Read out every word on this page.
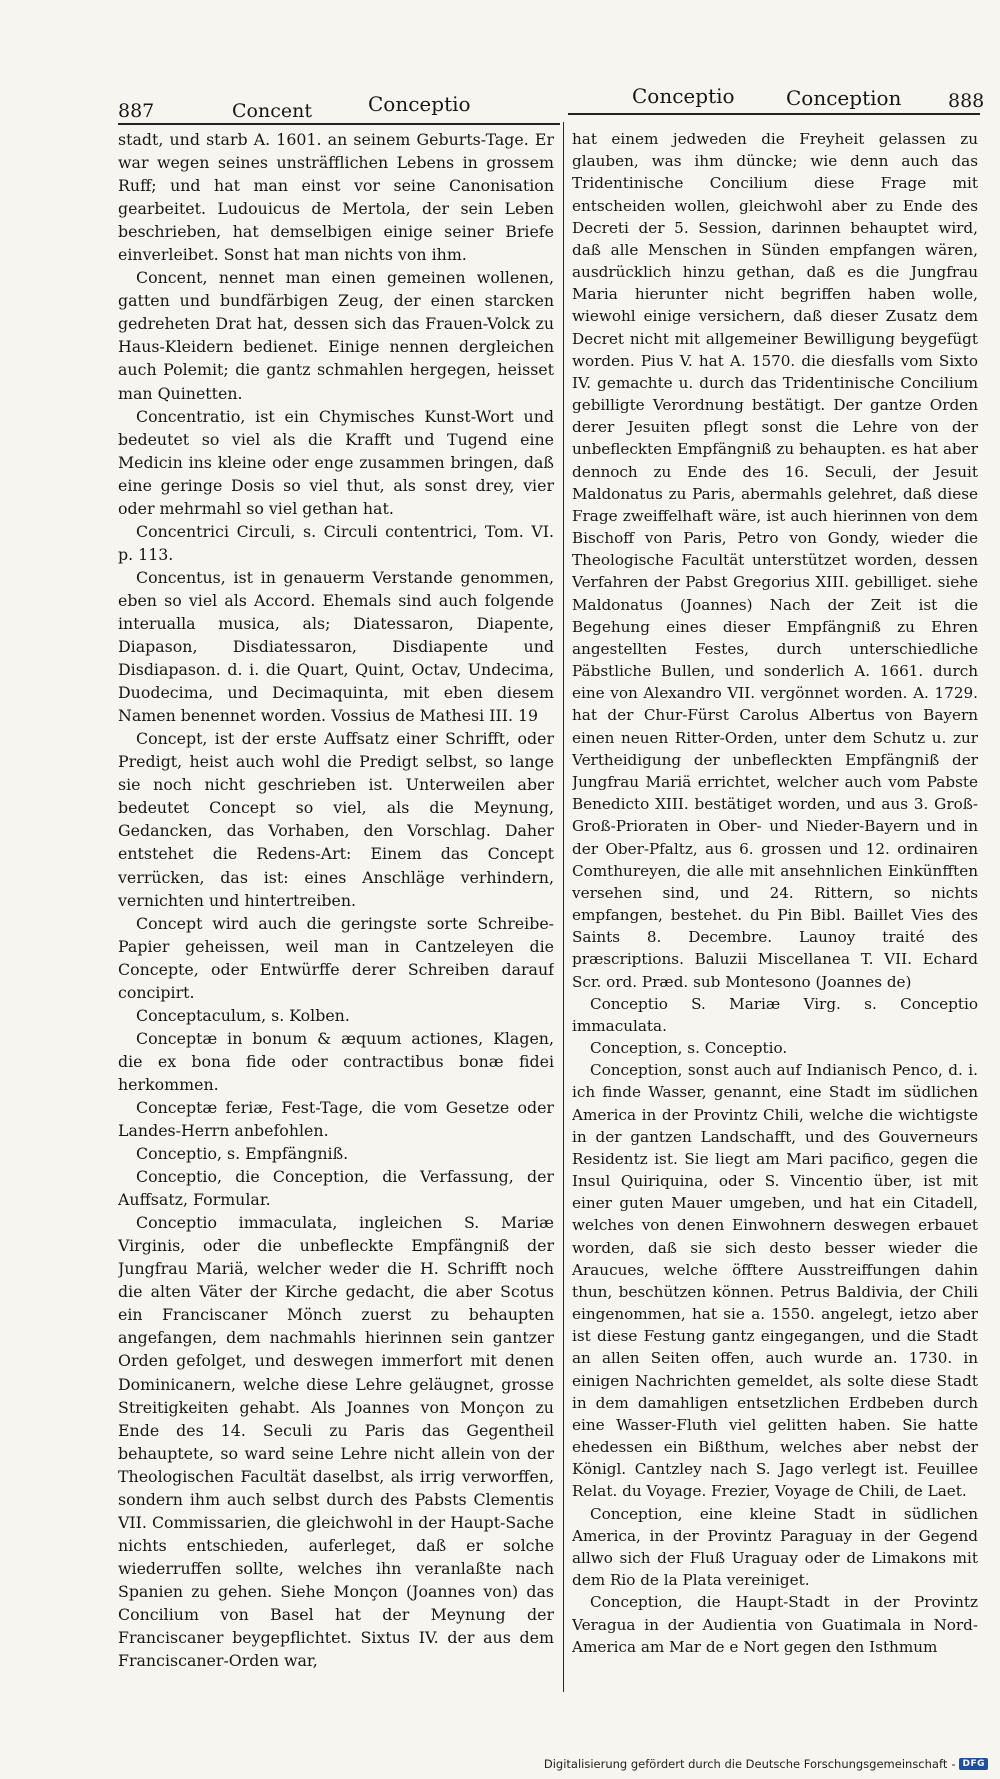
887	Concent	Conceptio	Conceptio	Conception 888

stadt, und starb A. 1601. an seinem Geburts-Tage. Er war wegen seines unsträfflichen Lebens in grossem Ruff; und hat man einst vor seine Canonisation gearbeitet. Ludouicus de Mertola, der sein Leben beschrieben, hat demselbigen einige seiner Briefe einverleibet. Sonst hat man nichts von ihm.

Concent, nennet man einen gemeinen wollenen, gatten und bundfärbigen Zeug, der einen starcken gedreheten Drat hat, dessen sich das Frauen-Volck zu Haus-Kleidern bedienet. Einige nennen dergleichen auch Polemit; die gantz schmahlen hergegen, heisset man Quinetten.

Concentratio, ist ein Chymisches Kunst-Wort und bedeutet so viel als die Krafft und Tugend eine Medicin ins kleine oder enge zusammen bringen, daß eine geringe Dosis so viel thut, als sonst drey, vier oder mehrmahl so viel gethan hat.

Concentrici Circuli, s. Circuli contentrici, Tom. VI. p. 113.

Concentus, ist in genauerm Verstande genommen, eben so viel als Accord. Ehemals sind auch folgende interualla musica, als; Diatessaron, Diapente, Diapason, Disdiatessaron, Disdiapente und Disdiapason. d. i. die Quart, Quint, Octav, Undecima, Duodecima, und Decimaquinta, mit eben diesem Namen benennet worden. Vossius de Mathesi III. 19

Concept, ist der erste Auffsatz einer Schrifft, oder Predigt, heist auch wohl die Predigt selbst, so lange sie noch nicht geschrieben ist. Unterweilen aber bedeutet Concept so viel, als die Meynung, Gedancken, das Vorhaben, den Vorschlag. Daher entstehet die Redens-Art: Einem das Concept verrücken, das ist: eines Anschläge verhindern, vernichten und hintertreiben.

Concept wird auch die geringste sorte Schreibe-Papier geheissen, weil man in Cantzeleyen die Concepte, oder Entwürffe derer Schreiben darauf concipirt.

Conceptaculum, s. Kolben.

Conceptæ in bonum & æquum actiones, Klagen, die ex bona fide oder contractibus bonæ fidei herkommen.

Conceptæ feriæ, Fest-Tage, die vom Gesetze oder Landes-Herrn anbefohlen.

Conceptio, s. Empfängniß.

Conceptio, die Conception, die Verfassung, der Auffsatz, Formular.

Conceptio immaculata, ingleichen S. Mariæ Virginis, oder die unbefleckte Empfängniß der Jungfrau Mariä, welcher weder die H. Schrifft noch die alten Väter der Kirche gedacht, die aber Scotus ein Franciscaner Mönch zuerst zu behaupten angefangen, dem nachmahls hierinnen sein gantzer Orden gefolget, und deswegen immerfort mit denen Dominicanern, welche diese Lehre geläugnet, grosse Streitigkeiten gehabt. Als Joannes von Monçon zu Ende des 14. Seculi zu Paris das Gegentheil behauptete, so ward seine Lehre nicht allein von der Theologischen Facultät daselbst, als irrig verworffen, sondern ihm auch selbst durch des Pabsts Clementis VII. Commissarien, die gleichwohl in der Haupt-Sache nichts entschieden, auferleget, daß er solche wiederruffen sollte, welches ihn veranlaßte nach Spanien zu gehen. Siehe Monçon (Joannes von) das Concilium von Basel hat der Meynung der Franciscaner beygepflichtet. Sixtus IV. der aus dem Franciscaner-Orden war,

hat einem jedweden die Freyheit gelassen zu glauben, was ihm düncke; wie denn auch das Tridentinische Concilium diese Frage mit entscheiden wollen, gleichwohl aber zu Ende des Decreti der 5. Session, darinnen behauptet wird, daß alle Menschen in Sünden empfangen wären, ausdrücklich hinzu gethan, daß es die Jungfrau Maria hierunter nicht begriffen haben wolle, wiewohl einige versichern, daß dieser Zusatz dem Decret nicht mit allgemeiner Bewilligung beygefügt worden. Pius V. hat A. 1570. die diesfalls vom Sixto IV. gemachte u. durch das Tridentinische Concilium gebilligte Verordnung bestätigt. Der gantze Orden derer Jesuiten pflegt sonst die Lehre von der unbefleckten Empfängniß zu behaupten. es hat aber dennoch zu Ende des 16. Seculi, der Jesuit Maldonatus zu Paris, abermahls gelehret, daß diese Frage zweiffelhaft wäre, ist auch hierinnen von dem Bischoff von Paris, Petro von Gondy, wieder die Theologische Facultät unterstützet worden, dessen Verfahren der Pabst Gregorius XIII. gebilliget. siehe Maldonatus (Joannes) Nach der Zeit ist die Begehung eines dieser Empfängniß zu Ehren angestellten Festes, durch unterschiedliche Päbstliche Bullen, und sonderlich A. 1661. durch eine von Alexandro VII. vergönnet worden. A. 1729. hat der Chur-Fürst Carolus Albertus von Bayern einen neuen Ritter-Orden, unter dem Schutz u. zur Vertheidigung der unbefleckten Empfängniß der Jungfrau Mariä errichtet, welcher auch vom Pabste Benedicto XIII. bestätiget worden, und aus 3. Groß-Groß-Prioraten in Ober- und Nieder-Bayern und in der Ober-Pfaltz, aus 6. grossen und 12. ordinairen Comthureyen, die alle mit ansehnlichen Einkünfften versehen sind, und 24. Rittern, so nichts empfangen, bestehet. du Pin Bibl. Baillet Vies des Saints 8. Decembre. Launoy traité des præscriptions. Baluzii Miscellanea T. VII. Echard Scr. ord. Præd. sub Montesono (Joannes de)

Conceptio S. Mariæ Virg. s. Conceptio immaculata.

Conception, s. Conceptio.

Conception, sonst auch auf Indianisch Penco, d. i. ich finde Wasser, genannt, eine Stadt im südlichen America in der Provintz Chili, welche die wichtigste in der gantzen Landschafft, und des Gouverneurs Residentz ist. Sie liegt am Mari pacifico, gegen die Insul Quiriquina, oder S. Vincentio über, ist mit einer guten Mauer umgeben, und hat ein Citadell, welches von denen Einwohnern deswegen erbauet worden, daß sie sich desto besser wieder die Araucues, welche öfftere Ausstreiffungen dahin thun, beschützen können. Petrus Baldivia, der Chili eingenommen, hat sie a. 1550. angelegt, ietzo aber ist diese Festung gantz eingegangen, und die Stadt an allen Seiten offen, auch wurde an. 1730. in einigen Nachrichten gemeldet, als solte diese Stadt in dem damahligen entsetzlichen Erdbeben durch eine Wasser-Fluth viel gelitten haben. Sie hatte ehedessen ein Bißthum, welches aber nebst der Königl. Cantzley nach S. Jago verlegt ist. Feuillee Relat. du Voyage. Frezier, Voyage de Chili, de Laet.

Conception, eine kleine Stadt in südlichen America, in der Provintz Paraguay in der Gegend allwo sich der Fluß Uraguay oder de Limakons mit dem Rio de la Plata vereiniget.

Conception, die Haupt-Stadt in der Provintz Veragua in der Audientia von Guatimala in Nord-America am Mar de e Nort gegen den Isthmum

Digitalisierung gefördert durch die Deutsche Forschungsgemeinschaft - DFG
